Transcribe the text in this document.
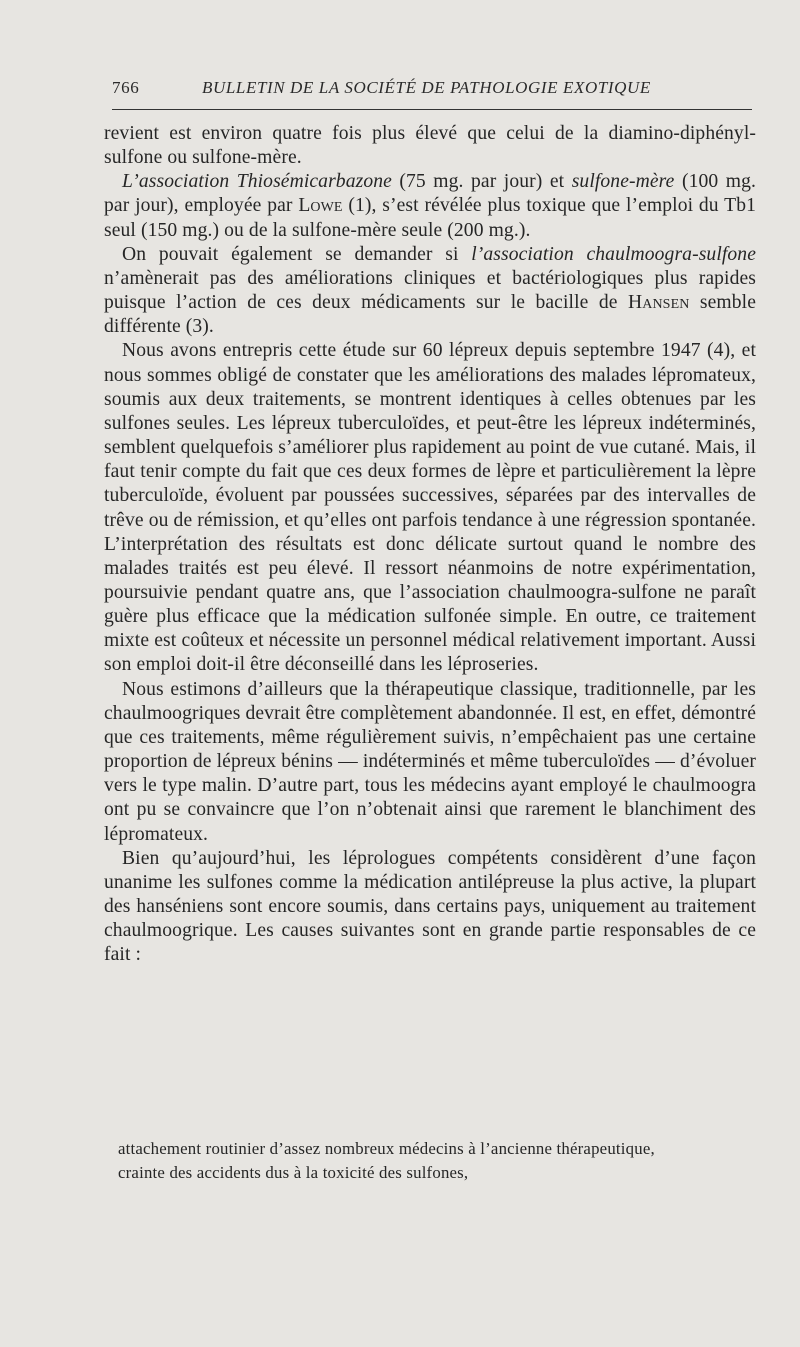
766	BULLETIN DE LA SOCIÉTÉ DE PATHOLOGIE EXOTIQUE

revient est environ quatre fois plus élevé que celui de la diamino-diphényl-sulfone ou sulfone-mère.

L’association Thiosémicarbazone (75 mg. par jour) et sulfone-mère (100 mg. par jour), employée par Lowe (1), s’est révélée plus toxique que l’emploi du Tb1 seul (150 mg.) ou de la sulfone-mère seule (200 mg.).

On pouvait également se demander si l’association chaulmoogra-sulfone n’amènerait pas des améliorations cliniques et bactériologiques plus rapides puisque l’action de ces deux médicaments sur le bacille de Hansen semble différente (3).

Nous avons entrepris cette étude sur 60 lépreux depuis septembre 1947 (4), et nous sommes obligé de constater que les améliorations des malades lépromateux, soumis aux deux traitements, se montrent identiques à celles obtenues par les sulfones seules. Les lépreux tuberculoïdes, et peut-être les lépreux indéterminés, semblent quelquefois s’améliorer plus rapidement au point de vue cutané. Mais, il faut tenir compte du fait que ces deux formes de lèpre et particulièrement la lèpre tuberculoïde, évoluent par poussées successives, séparées par des intervalles de trêve ou de rémission, et qu’elles ont parfois tendance à une régression spontanée. L’interprétation des résultats est donc délicate surtout quand le nombre des malades traités est peu élevé. Il ressort néanmoins de notre expérimentation, poursuivie pendant quatre ans, que l’association chaulmoogra-sulfone ne paraît guère plus efficace que la médication sulfonée simple. En outre, ce traitement mixte est coûteux et nécessite un personnel médical relativement important. Aussi son emploi doit-il être déconseillé dans les léproseries.

Nous estimons d’ailleurs que la thérapeutique classique, traditionnelle, par les chaulmoogriques devrait être complètement abandonnée. Il est, en effet, démontré que ces traitements, même régulièrement suivis, n’empêchaient pas une certaine proportion de lépreux bénins — indéterminés et même tuberculoïdes — d’évoluer vers le type malin. D’autre part, tous les médecins ayant employé le chaulmoogra ont pu se convaincre que l’on n’obtenait ainsi que rarement le blanchiment des lépromateux.

Bien qu’aujourd’hui, les léprologues compétents considèrent d’une façon unanime les sulfones comme la médication antilépreuse la plus active, la plupart des hanséniens sont encore soumis, dans certains pays, uniquement au traitement chaulmoogrique. Les causes suivantes sont en grande partie responsables de ce fait :

attachement routinier d’assez nombreux médecins à l’ancienne thérapeutique,

crainte des accidents dus à la toxicité des sulfones,
